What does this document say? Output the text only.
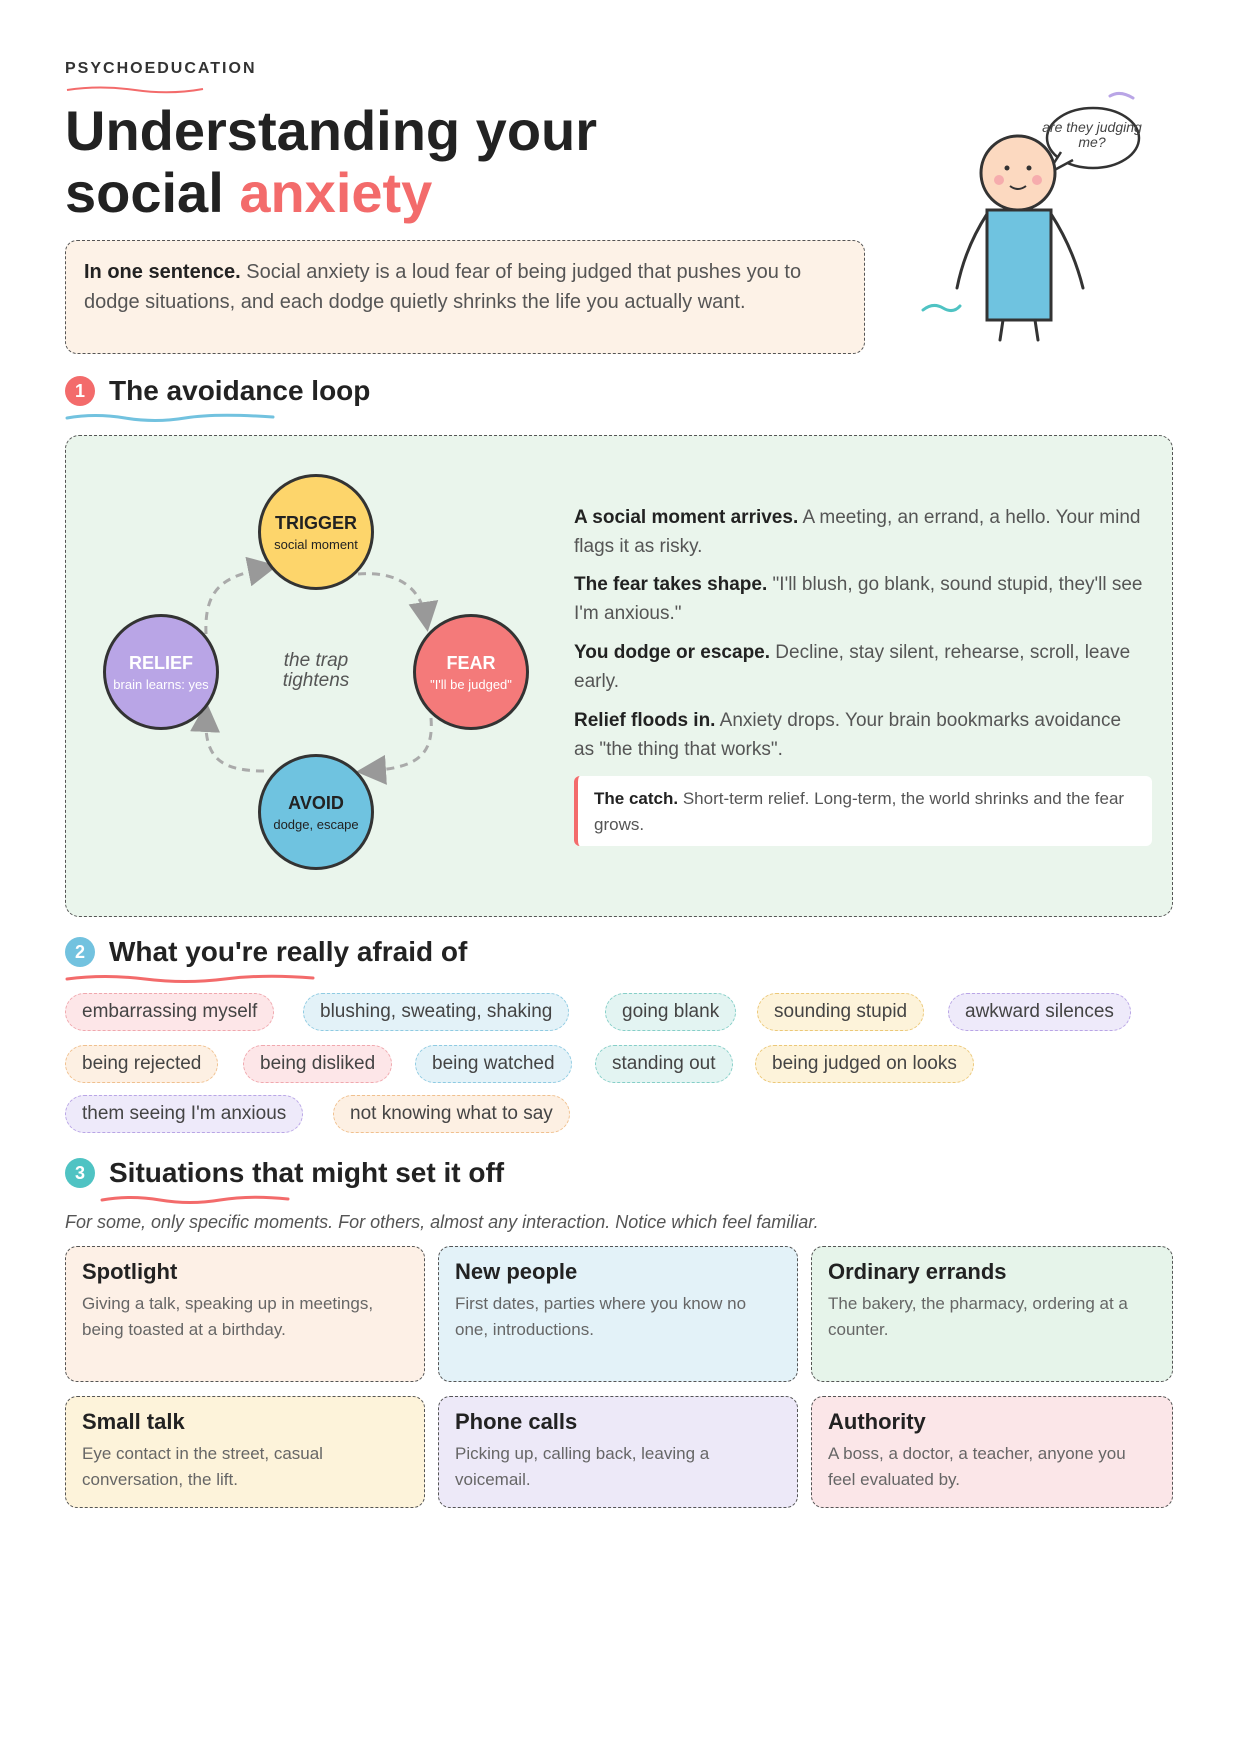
PSYCHOEDUCATION
Understanding your
social anxiety
In one sentence. Social anxiety is a loud fear of being judged that pushes you to dodge situations, and each dodge quietly shrinks the life you actually want.
are they judging me?
1 The avoidance loop
TRIGGER
social moment
FEAR
"I'll be judged"
AVOID
dodge, escape
RELIEF
brain learns: yes
the trap
tightens
A social moment arrives. A meeting, an errand, a hello. Your mind flags it as risky.
The fear takes shape. "I'll blush, go blank, sound stupid, they'll see I'm anxious."
You dodge or escape. Decline, stay silent, rehearse, scroll, leave early.
Relief floods in. Anxiety drops. Your brain bookmarks avoidance as "the thing that works".
The catch. Short-term relief. Long-term, the world shrinks and the fear grows.
2 What you're really afraid of
embarrassing myself	blushing, sweating, shaking	going blank	sounding stupid	awkward silences
being rejected	being disliked	being watched	standing out	being judged on looks
them seeing I'm anxious	not knowing what to say
3 Situations that might set it off
For some, only specific moments. For others, almost any interaction. Notice which feel familiar.
Spotlight
Giving a talk, speaking up in meetings, being toasted at a birthday.
New people
First dates, parties where you know no one, introductions.
Ordinary errands
The bakery, the pharmacy, ordering at a counter.
Small talk
Eye contact in the street, casual conversation, the lift.
Phone calls
Picking up, calling back, leaving a voicemail.
Authority
A boss, a doctor, a teacher, anyone you feel evaluated by.
